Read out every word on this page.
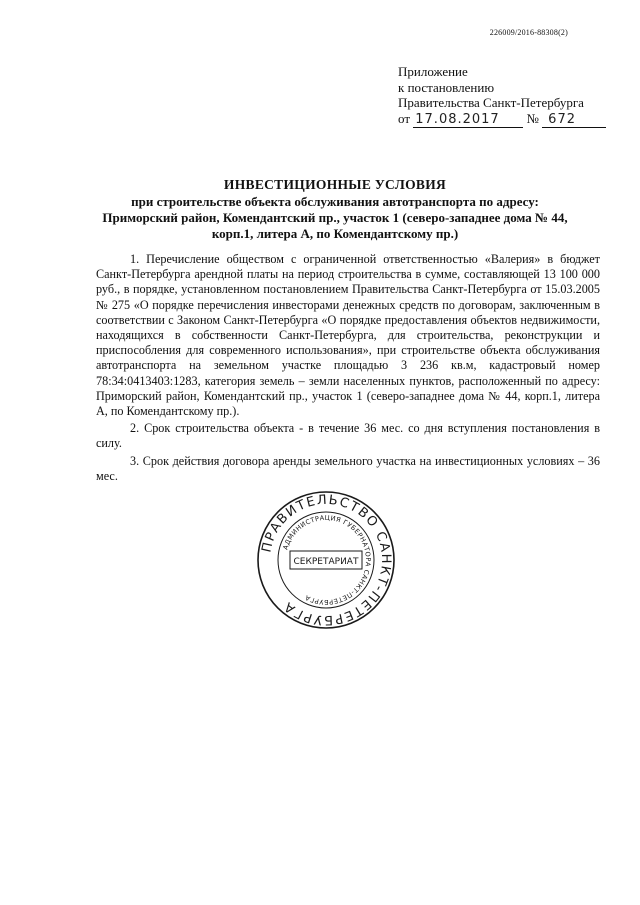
226009/2016-88308(2)
Приложение
к постановлению
Правительства Санкт-Петербурга
от 17.08.2017 № 672
ИНВЕСТИЦИОННЫЕ УСЛОВИЯ
при строительстве объекта обслуживания автотранспорта по адресу:
Приморский район, Комендантский пр., участок 1 (северо-западнее дома № 44,
корп.1, литера А, по Комендантскому пр.)

1. Перечисление обществом с ограниченной ответственностью «Валерия» в бюджет Санкт-Петербурга арендной платы на период строительства в сумме, составляющей 13 100 000 руб., в порядке, установленном постановлением Правительства Санкт-Петербурга от 15.03.2005 № 275 «О порядке перечисления инвесторами денежных средств по договорам, заключенным в соответствии с Законом Санкт-Петербурга «О порядке предоставления объектов недвижимости, находящихся в собственности Санкт-Петербурга, для строительства, реконструкции и приспособления для современного использования», при строительстве объекта обслуживания автотранспорта на земельном участке площадью 3 236 кв.м, кадастровый номер 78:34:0413403:1283, категория земель – земли населенных пунктов, расположенный по адресу: Приморский район, Комендантский пр., участок 1 (северо-западнее дома № 44, корп.1, литера А, по Комендантскому пр.).

2. Срок строительства объекта - в течение 36 мес. со дня вступления постановления в силу.

3. Срок действия договора аренды земельного участка на инвестиционных условиях – 36 мес.

ПРАВИТЕЛЬСТВО САНКТ-ПЕТЕРБУРГА
АДМИНИСТРАЦИЯ ГУБЕРНАТОРА САНКТ-ПЕТЕРБУРГА
СЕКРЕТАРИАТ
